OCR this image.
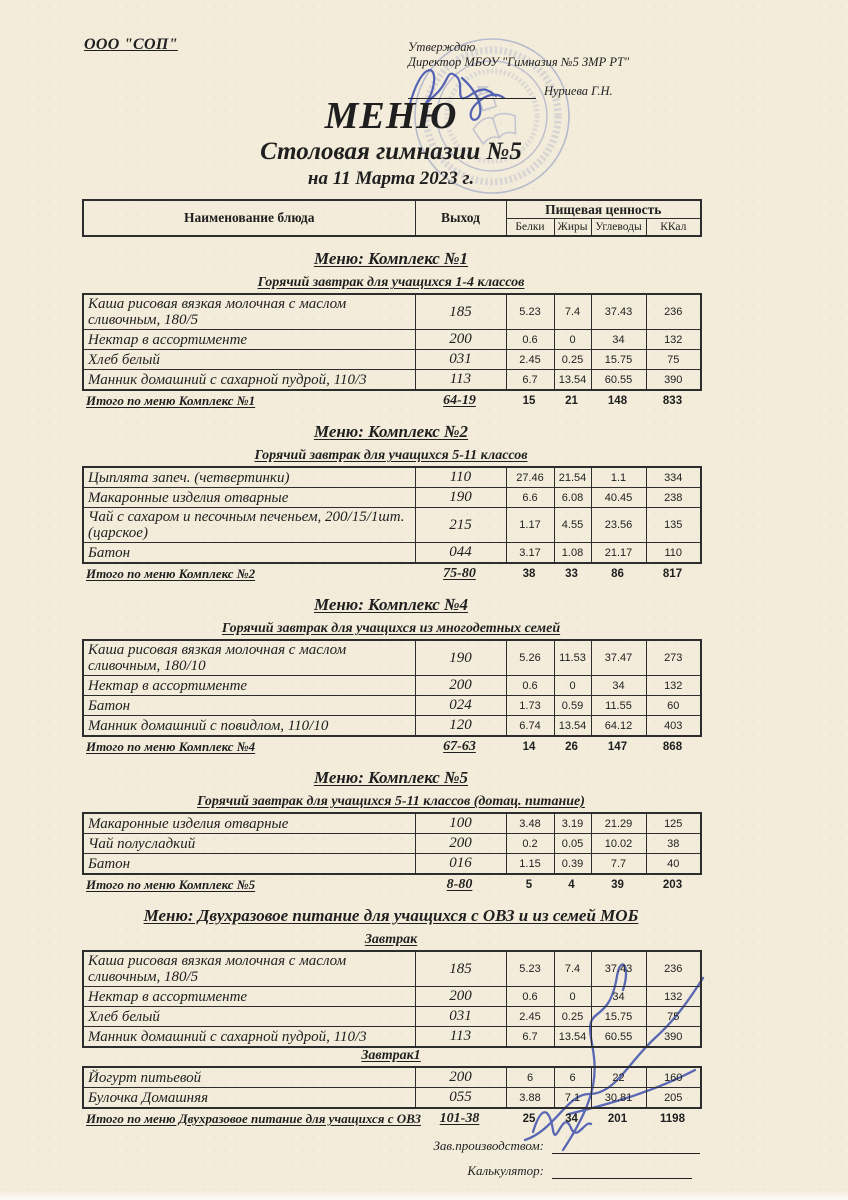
ООО "СОП"	Утверждаю
Директор МБОУ "Гимназия №5 ЗМР РТ"
Нуриева Г.Н.
МЕНЮ
Столовая гимназии №5
на 11 Марта 2023 г.
Наименование блюда	Выход	Пищевая ценность			
		Белки	Жиры	Углеводы	ККал
Меню: Комплекс №1
Горячий завтрак для учащихся 1-4 классов
Каша рисовая вязкая молочная с маслом сливочным, 180/5	185	5.23	7.4	37.43	236
Нектар в ассортименте	200	0.6	0	34	132
Хлеб белый	031	2.45	0.25	15.75	75
Манник домашний с сахарной пудрой, 110/3	113	6.7	13.54	60.55	390
Итого по меню Комплекс №1	64-19	15	21	148	833
Меню: Комплекс №2
Горячий завтрак для учащихся 5-11 классов
Цыплята запеч. (четвертинки)	110	27.46	21.54	1.1	334
Макаронные изделия отварные	190	6.6	6.08	40.45	238
Чай с сахаром и песочным печеньем, 200/15/1шт. (царское)	215	1.17	4.55	23.56	135
Батон	044	3.17	1.08	21.17	110
Итого по меню Комплекс №2	75-80	38	33	86	817
Меню: Комплекс №4
Горячий завтрак для учащихся из многодетных семей
Каша рисовая вязкая молочная с маслом сливочным, 180/10	190	5.26	11.53	37.47	273
Нектар в ассортименте	200	0.6	0	34	132
Батон	024	1.73	0.59	11.55	60
Манник домашний с повидлом, 110/10	120	6.74	13.54	64.12	403
Итого по меню Комплекс №4	67-63	14	26	147	868
Меню: Комплекс №5
Горячий завтрак для учащихся 5-11 классов (дотац. питание)
Макаронные изделия отварные	100	3.48	3.19	21.29	125
Чай полусладкий	200	0.2	0.05	10.02	38
Батон	016	1.15	0.39	7.7	40
Итого по меню Комплекс №5	8-80	5	4	39	203
Меню: Двухразовое питание для учащихся с ОВЗ и из семей МОБ
Завтрак
Каша рисовая вязкая молочная с маслом сливочным, 180/5	185	5.23	7.4	37.43	236
Нектар в ассортименте	200	0.6	0	34	132
Хлеб белый	031	2.45	0.25	15.75	75
Манник домашний с сахарной пудрой, 110/3	113	6.7	13.54	60.55	390
Завтрак1
Йогурт питьевой	200	6	6	22	160
Булочка Домашняя	055	3.88	7.1	30.81	205
Итого по меню Двухразовое питание для учащихся с ОВЗ	101-38	25	34	201	1198
Зав.производством:
Калькулятор:
